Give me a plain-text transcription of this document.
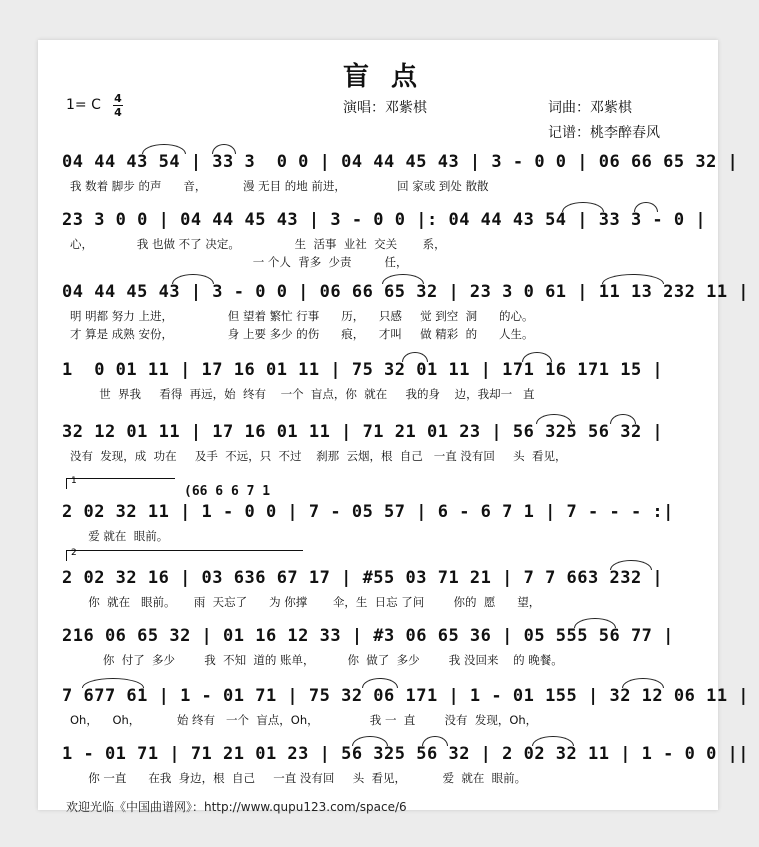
盲点
1= C 4
4	演唱：邓紫棋	词曲：邓紫棋
记谱：桃李醉春风
04 44 43 54 | 33 3  0 0 | 04 44 45 43 | 3 - 0 0 | 06 66 65 32 |
我 数着 脚步 的声      音，          漫 无目 的地 前进，              回 家或 到处 散散
23 3 0 0 | 04 44 45 43 | 3 - 0 0 |: 04 44 43 54 | 33 3 - 0 |
心，            我 也做 不了 决定。               生  活事  业社  交关       系，
一 个人  背多  少责         任，
04 44 45 43 | 3 - 0 0 | 06 66 65 32 | 23 3 0 61 | 11 13 232 11 |
明 明都 努力 上进，               但 望着 繁忙 行事      历，    只感     觉 到空  洞      的心。
才 算是 成熟 安份，               身 上要 多少 的伤      痕，    才叫     做 精彩  的      人生。
1  0 01 11 | 17 16 01 11 | 75 32 01 11 | 171 16 171 15 |
世  界我     看得  再远，始  终有    一个  盲点，你  就在     我的身    边，我却一   直
32 12 01 11 | 17 16 01 11 | 71 21 01 23 | 56 325 56 32 |
没有  发现，成  功在     及手  不远，只  不过    刹那  云烟，根  自己   一直 没有回     头  看见，
1
(66 6 6 7 1
2 02 32 11 | 1 - 0 0 | 7 - 05 57 | 6 - 6 7 1 | 7 - - - :|
爱 就在  眼前。
2
2 02 32 16 | 03 636 67 17 | #55 03 71 21 | 7 7 663 232 |
你  就在   眼前。     雨  天忘了      为 你撑       伞，生  日忘 了问        你的  愿      望，
216 06 65 32 | 01 16 12 33 | #3 06 65 36 | 05 555 56 77 |
你  付了  多少        我  不知  道的 账单，         你  做了  多少        我 没回来    的 晚餐。
7 677 61 | 1 - 01 71 | 75 32 06 171 | 1 - 01 155 | 32 12 06 11 |
Oh，    Oh，          始 终有   一个  盲点，Oh，              我 一  直        没有  发现，Oh，
1 - 01 71 | 71 21 01 23 | 56 325 56 32 | 2 02 32 11 | 1 - 0 0 ||
你 一直      在我  身边，根  自己     一直 没有回     头  看见，          爱  就在  眼前。
欢迎光临《中国曲谱网》：http://www.qupu123.com/space/6
